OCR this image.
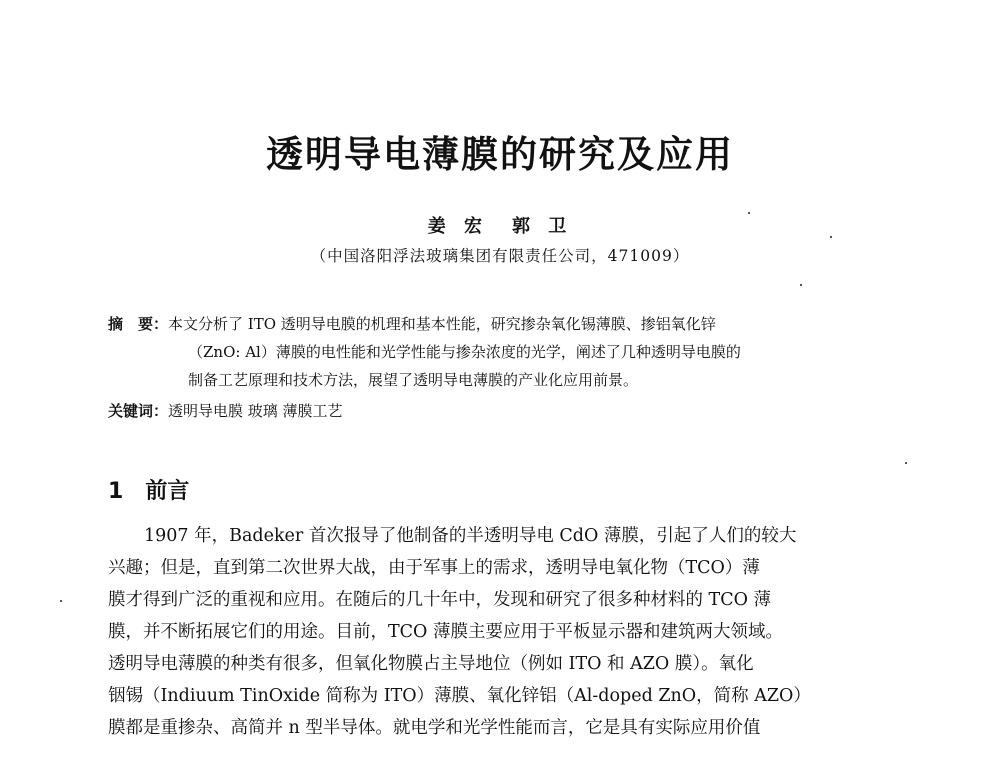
透明导电薄膜的研究及应用
姜 宏　郭 卫
（中国洛阳浮法玻璃集团有限责任公司，471009）
摘　要：本文分析了 ITO 透明导电膜的机理和基本性能，研究掺杂氧化锡薄膜、掺铝氧化锌
（ZnO: Al）薄膜的电性能和光学性能与掺杂浓度的光学，阐述了几种透明导电膜的
制备工艺原理和技术方法，展望了透明导电薄膜的产业化应用前景。
关键词：透明导电膜 玻璃 薄膜工艺
1 前言
1907 年，Badeker 首次报导了他制备的半透明导电 CdO 薄膜，引起了人们的较大
兴趣；但是，直到第二次世界大战，由于军事上的需求，透明导电氧化物（TCO）薄
膜才得到广泛的重视和应用。在随后的几十年中，发现和研究了很多种材料的 TCO 薄
膜，并不断拓展它们的用途。目前，TCO 薄膜主要应用于平板显示器和建筑两大领域。
透明导电薄膜的种类有很多，但氧化物膜占主导地位（例如 ITO 和 AZO 膜）。氧化
铟锡（Indiuum TinOxide 简称为 ITO）薄膜、氧化锌铝（Al-doped ZnO，简称 AZO）
膜都是重掺杂、高简并 n 型半导体。就电学和光学性能而言，它是具有实际应用价值
